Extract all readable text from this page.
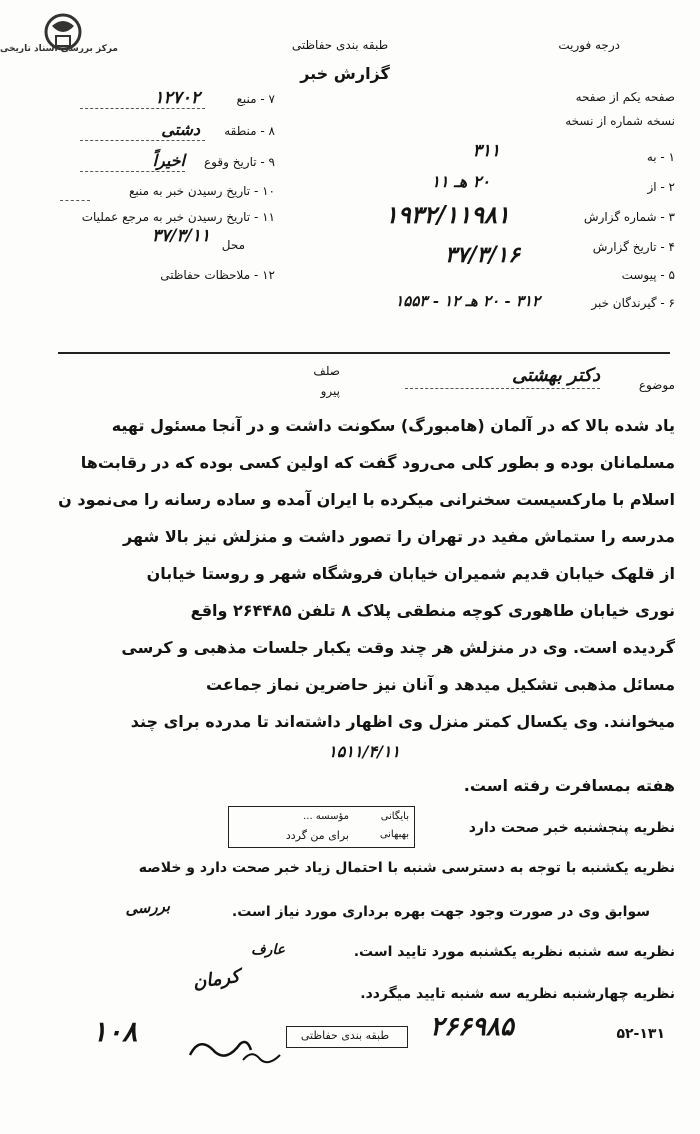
مرکز بررسی اسناد تاریخی	طبقه بندی حفاظتی
گزارش خبر
درجه فوریت
صفحه یکم از صفحه
نسخه شماره از نسخه
۷ - منبع
۱۲۷۰۲
۸ - منطقه
دشتی
۹ - تاریخ وقوع
اخیراً
۱۰ - تاریخ رسیدن خبر به منبع
۱۱ - تاریخ رسیدن خبر به مرجع عملیات
۳۷/۳/۱۱ محل
۱۲ - ملاحظات حفاظتی
۱ - به
۳۱۱
۲ - از
۲۰ هـ ۱۱
۳ - شماره گزارش
۱۹۳۲/۱۱۹۸۱
۴ - تاریخ گزارش
۳۷/۳/۱۶
۵ - پیوست
۶ - گیرندگان خبر
۳۱۲ - ۲۰ هـ ۱۲ - ۱۵۵۳
صلف
پیرو	موضوع
دکتر بهشتی
یاد شده بالا که در آلمان (هامبورگ) سکونت داشت و در آنجا مسئول تهیه
مسلمانان بوده و بطور کلی می‌رود گفت که اولین کسی بوده که در رقابت‌ها
اسلام با مارکسیست سخنرانی میکرده با ایران آمده و ساده رسانه را می‌نمود ن
مدرسه را ستماش مفید در تهران را تصور داشت و منزلش نیز بالا شهر
از قلهک خیابان قدیم شمیران خیابان فروشگاه شهر و روستا خیابان
نوری خیابان طاهوری کوچه منطقی پلاک ۸ تلفن ۲۶۴۴۸۵ واقع
گردیده است. وی در منزلش هر چند وقت یکبار جلسات مذهبی و کرسی
مسائل مذهبی تشکیل میدهد و آنان نیز حاضرین نماز جماعت
میخوانند. وی یکسال کمتر منزل وی اظهار داشته‌اند تا مدرده برای چند
۱۵۱۱/۴/۱۱
هفته بمسافرت رفته است.
بایگانی
بهبهانی
مؤسسه ...
برای من گردد	نظریه پنجشنبه خبر صحت دارد
نظریه یکشنبه با توجه به دسترسی شنبه با احتمال زیاد خبر صحت دارد و خلاصه
سوابق وی در صورت وجود جهت بهره برداری مورد نیاز است.
نظریه سه شنبه نظریه یکشنبه مورد تایید است.
نظریه چهارشنبه نظریه سه شنبه تایید میگردد.
بررسی
عارف
کرمان
۱۰۸	طبقه بندی حفاظتی	۲۶۶۹۸۵	۵۲-۱۳۱
